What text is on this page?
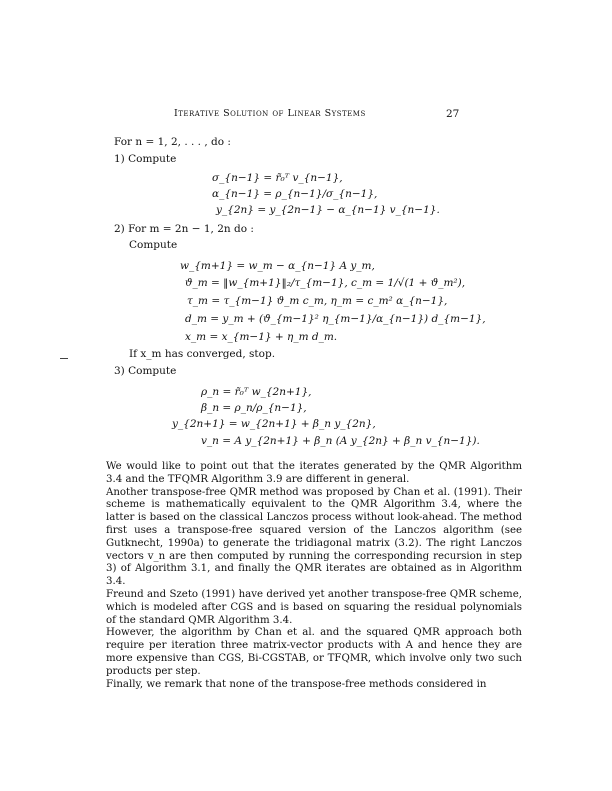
Iterative Solution of Linear Systems	27
For n = 1, 2, . . . , do :
1) Compute
σ_{n−1} = r̃₀ᵀ v_{n−1},
α_{n−1} = ρ_{n−1}/σ_{n−1},
y_{2n} = y_{2n−1} − α_{n−1} v_{n−1}.
2) For m = 2n − 1, 2n do :
Compute
w_{m+1} = w_m − α_{n−1} A y_m,
ϑ_m = ‖w_{m+1}‖₂/τ_{m−1}, c_m = 1/√(1 + ϑ_m²),
τ_m = τ_{m−1} ϑ_m c_m, η_m = c_m² α_{n−1},
d_m = y_m + (ϑ_{m−1}² η_{m−1}/α_{n−1}) d_{m−1},
x_m = x_{m−1} + η_m d_m.
If x_m has converged, stop.
3) Compute
ρ_n = r̃₀ᵀ w_{2n+1},
β_n = ρ_n/ρ_{n−1},
y_{2n+1} = w_{2n+1} + β_n y_{2n},
v_n = A y_{2n+1} + β_n (A y_{2n} + β_n v_{n−1}).

We would like to point out that the iterates generated by the QMR Algorithm 3.4 and the TFQMR Algorithm 3.9 are different in general.

Another transpose-free QMR method was proposed by Chan et al. (1991). Their scheme is mathematically equivalent to the QMR Algorithm 3.4, where the latter is based on the classical Lanczos process without look-ahead. The method first uses a transpose-free squared version of the Lanczos algorithm (see Gutknecht, 1990a) to generate the tridiagonal matrix (3.2). The right Lanczos vectors v_n are then computed by running the corresponding recursion in step 3) of Algorithm 3.1, and finally the QMR iterates are obtained as in Algorithm 3.4.

Freund and Szeto (1991) have derived yet another transpose-free QMR scheme, which is modeled after CGS and is based on squaring the residual polynomials of the standard QMR Algorithm 3.4.

However, the algorithm by Chan et al. and the squared QMR approach both require per iteration three matrix-vector products with A and hence they are more expensive than CGS, Bi-CGSTAB, or TFQMR, which involve only two such products per step.

Finally, we remark that none of the transpose-free methods considered in
